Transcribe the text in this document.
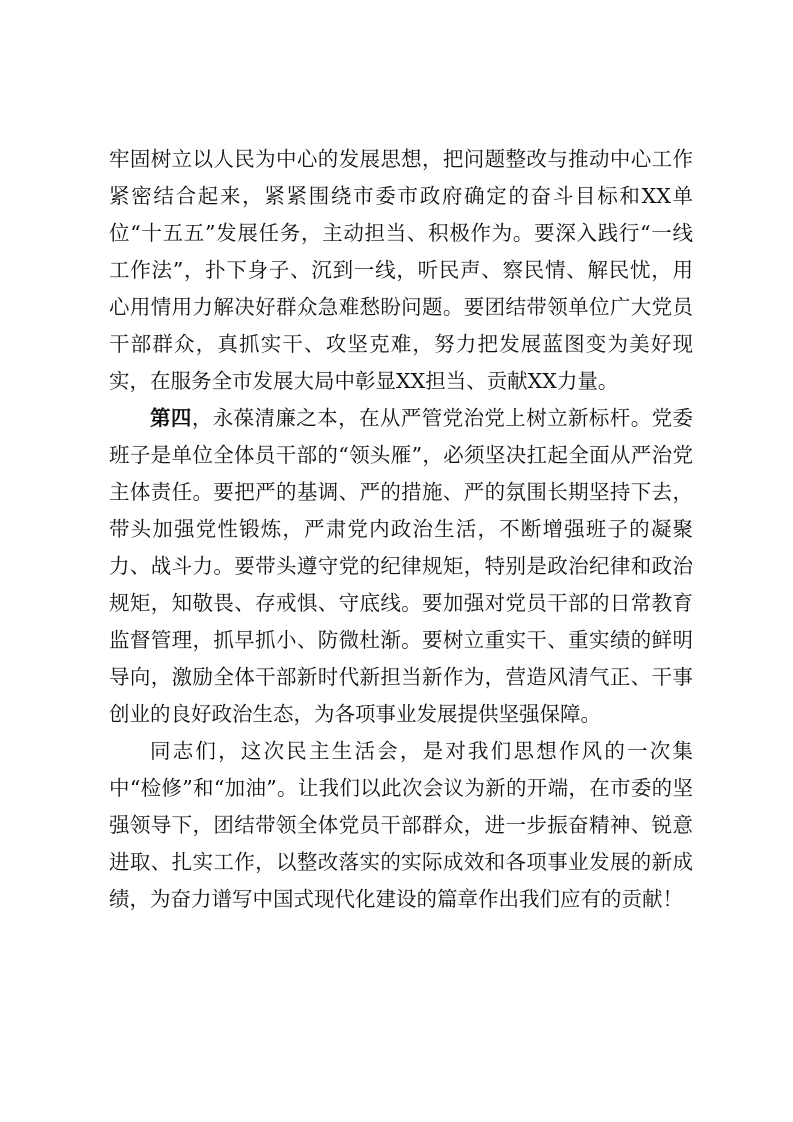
牢固树立以人民为中心的发展思想，把问题整改与推动中心工作紧密结合起来，紧紧围绕市委市政府确定的奋斗目标和XX单位“十五五”发展任务，主动担当、积极作为。要深入践行“一线工作法”，扑下身子、沉到一线，听民声、察民情、解民忧，用心用情用力解决好群众急难愁盼问题。要团结带领单位广大党员干部群众，真抓实干、攻坚克难，努力把发展蓝图变为美好现实，在服务全市发展大局中彰显XX担当、贡献XX力量。

第四，永葆清廉之本，在从严管党治党上树立新标杆。党委班子是单位全体员干部的“领头雁”，必须坚决扛起全面从严治党主体责任。要把严的基调、严的措施、严的氛围长期坚持下去，带头加强党性锻炼，严肃党内政治生活，不断增强班子的凝聚力、战斗力。要带头遵守党的纪律规矩，特别是政治纪律和政治规矩，知敬畏、存戒惧、守底线。要加强对党员干部的日常教育监督管理，抓早抓小、防微杜渐。要树立重实干、重实绩的鲜明导向，激励全体干部新时代新担当新作为，营造风清气正、干事创业的良好政治生态，为各项事业发展提供坚强保障。

同志们，这次民主生活会，是对我们思想作风的一次集中“检修”和“加油”。让我们以此次会议为新的开端，在市委的坚强领导下，团结带领全体党员干部群众，进一步振奋精神、锐意进取、扎实工作，以整改落实的实际成效和各项事业发展的新成绩，为奋力谱写中国式现代化建设的篇章作出我们应有的贡献！
